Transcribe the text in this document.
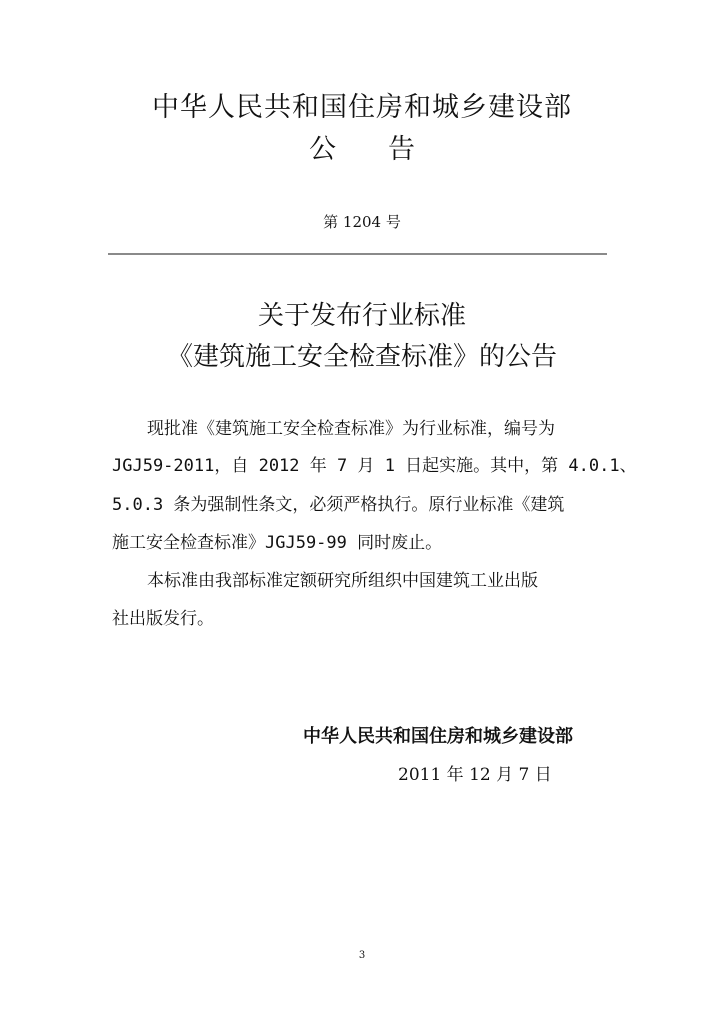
中华人民共和国住房和城乡建设部
公 告
第 1204 号
关于发布行业标准
《建筑施工安全检查标准》的公告
现批准《建筑施工安全检查标准》为行业标准，编号为
JGJ59-2011，自 2012 年 7 月 1 日起实施。其中，第 4.0.1、
5.0.3 条为强制性条文，必须严格执行。原行业标准《建筑
施工安全检查标准》JGJ59-99 同时废止。
本标准由我部标准定额研究所组织中国建筑工业出版
社出版发行。
中华人民共和国住房和城乡建设部
2011 年 12 月 7 日
3
